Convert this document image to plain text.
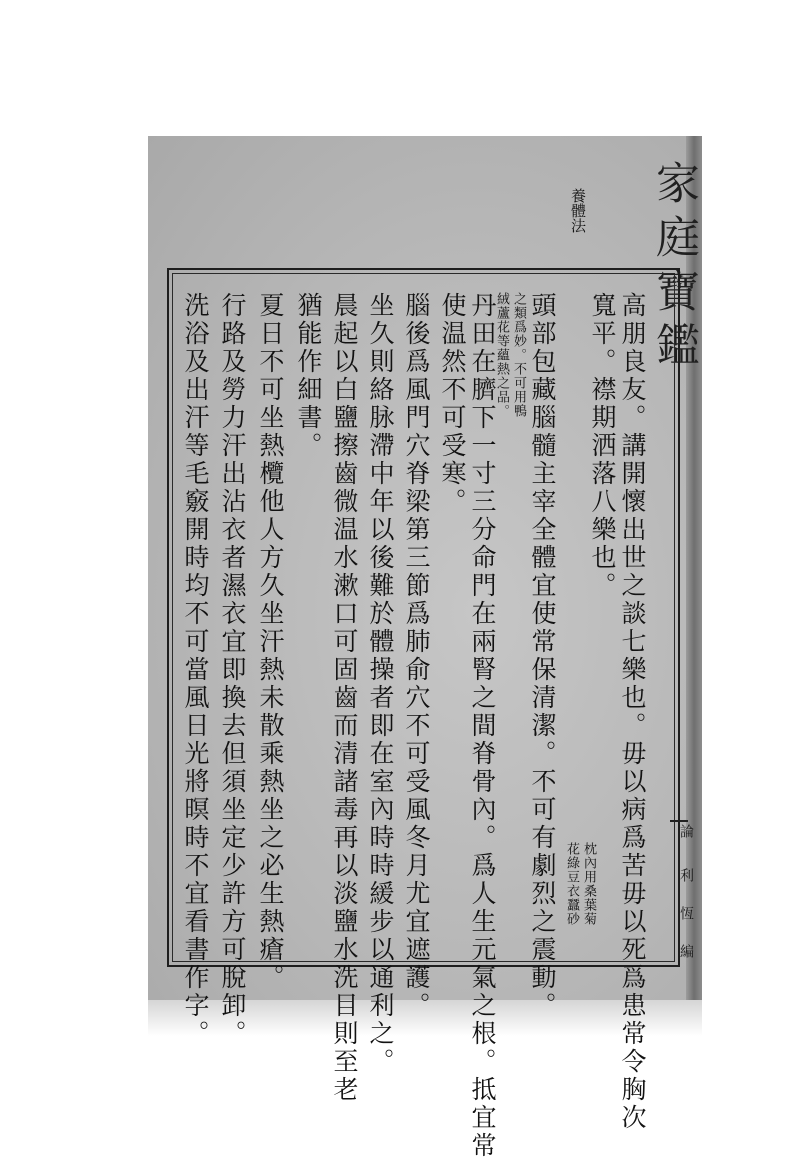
家庭寶鑑
養體法
高朋良友。講開懷出世之談七樂也。毋以病爲苦毋以死爲患常令胸次
寬平。襟期洒落八樂也。
頭部包藏腦髓主宰全體宜使常保清潔。不可有劇烈之震動。 枕內用桑葉菊
花綠豆衣蠶砂
之類爲妙。不可用鴨
絨蘆花等蘊熱之品。
丹田在臍下一寸三分命門在兩腎之間脊骨內。爲人生元氣之根。抵宜常
使温然不可受寒。
腦後爲風門穴脊梁第三節爲肺俞穴不可受風冬月尤宜遮護。
坐久則絡脉滯中年以後難於體操者即在室內時時緩步以通利之。
晨起以白鹽擦齒微温水漱口可固齒而清諸毒再以淡鹽水洗目則至老
猶能作細書。
夏日不可坐熱欖他人方久坐汗熱未散乘熱坐之必生熱瘡。
行路及勞力汗出沾衣者濕衣宜即換去但須坐定少許方可脫卸。
洗浴及出汗等毛竅開時均不可當風日光將暝時不宜看書作字。	論
利
恆
編
